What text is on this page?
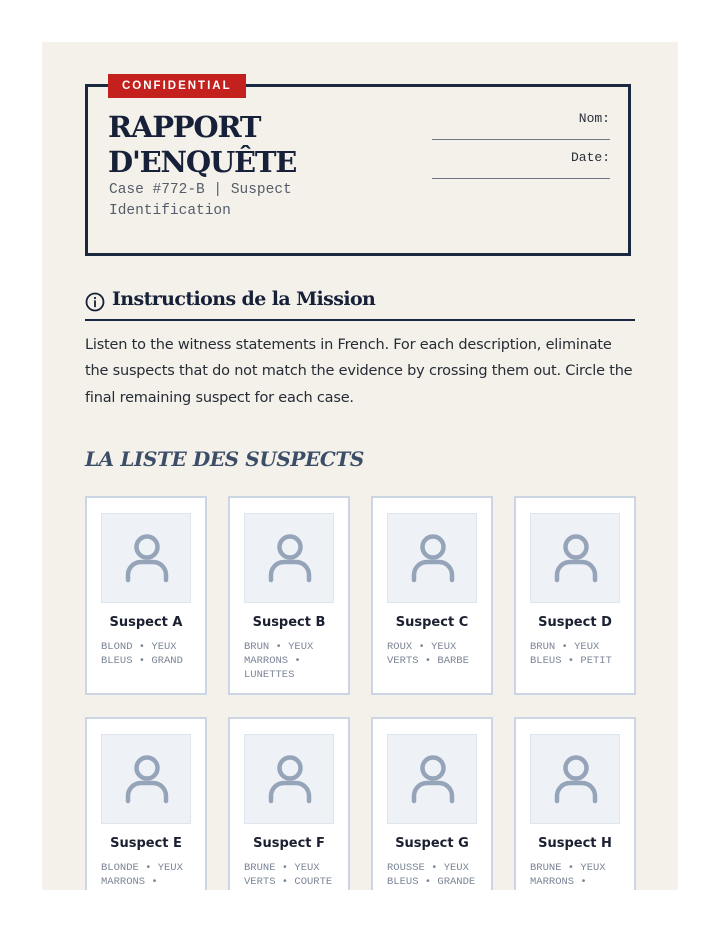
CONFIDENTIAL
RAPPORT D'ENQUÊTE
Case #772-B | Suspect Identification
Nom:
Date:
Instructions de la Mission
Listen to the witness statements in French. For each description, eliminate the suspects that do not match the evidence by crossing them out. Circle the final remaining suspect for each case.
LA LISTE DES SUSPECTS
Suspect A
BLOND • YEUX BLEUS • GRAND
Suspect B
BRUN • YEUX MARRONS • LUNETTES
Suspect C
ROUX • YEUX VERTS • BARBE
Suspect D
BRUN • YEUX BLEUS • PETIT
Suspect E
BLONDE • YEUX MARRONS •
Suspect F
BRUNE • YEUX VERTS • COURTE
Suspect G
ROUSSE • YEUX BLEUS • GRANDE
Suspect H
BRUNE • YEUX MARRONS •
